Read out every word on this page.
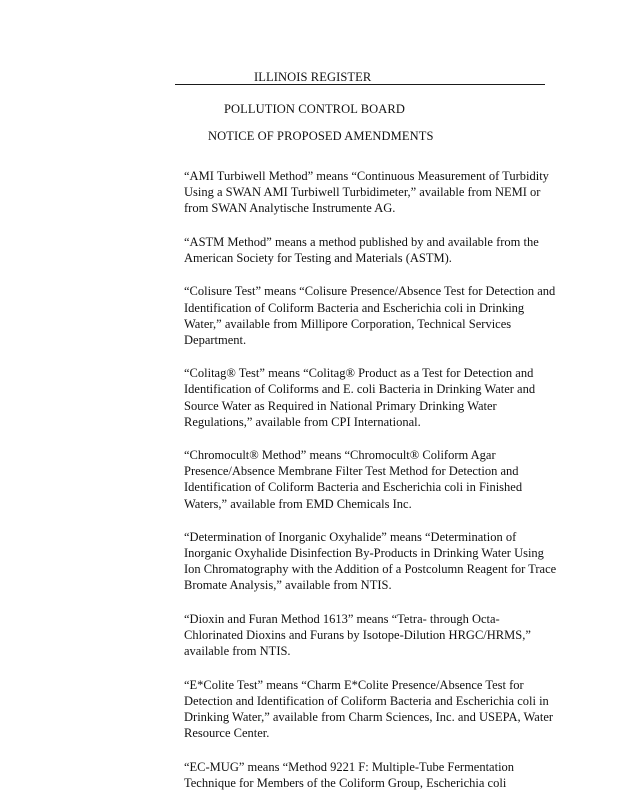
ILLINOIS REGISTER
POLLUTION CONTROL BOARD
NOTICE OF PROPOSED AMENDMENTS

“AMI Turbiwell Method” means “Continuous Measurement of Turbidity
Using a SWAN AMI Turbiwell Turbidimeter,” available from NEMI or
from SWAN Analytische Instrumente AG.

“ASTM Method” means a method published by and available from the
American Society for Testing and Materials (ASTM).

“Colisure Test” means “Colisure Presence/Absence Test for Detection and
Identification of Coliform Bacteria and Escherichia coli in Drinking
Water,” available from Millipore Corporation, Technical Services
Department.

“Colitag® Test” means “Colitag® Product as a Test for Detection and
Identification of Coliforms and E. coli Bacteria in Drinking Water and
Source Water as Required in National Primary Drinking Water
Regulations,” available from CPI International.

“Chromocult® Method” means “Chromocult® Coliform Agar
Presence/Absence Membrane Filter Test Method for Detection and
Identification of Coliform Bacteria and Escherichia coli in Finished
Waters,” available from EMD Chemicals Inc.

“Determination of Inorganic Oxyhalide” means “Determination of
Inorganic Oxyhalide Disinfection By-Products in Drinking Water Using
Ion Chromatography with the Addition of a Postcolumn Reagent for Trace
Bromate Analysis,” available from NTIS.

“Dioxin and Furan Method 1613” means “Tetra- through Octa-
Chlorinated Dioxins and Furans by Isotope-Dilution HRGC/HRMS,”
available from NTIS.

“E*Colite Test” means “Charm E*Colite Presence/Absence Test for
Detection and Identification of Coliform Bacteria and Escherichia coli in
Drinking Water,” available from Charm Sciences, Inc. and USEPA, Water
Resource Center.

“EC-MUG” means “Method 9221 F: Multiple-Tube Fermentation
Technique for Members of the Coliform Group, Escherichia coli
